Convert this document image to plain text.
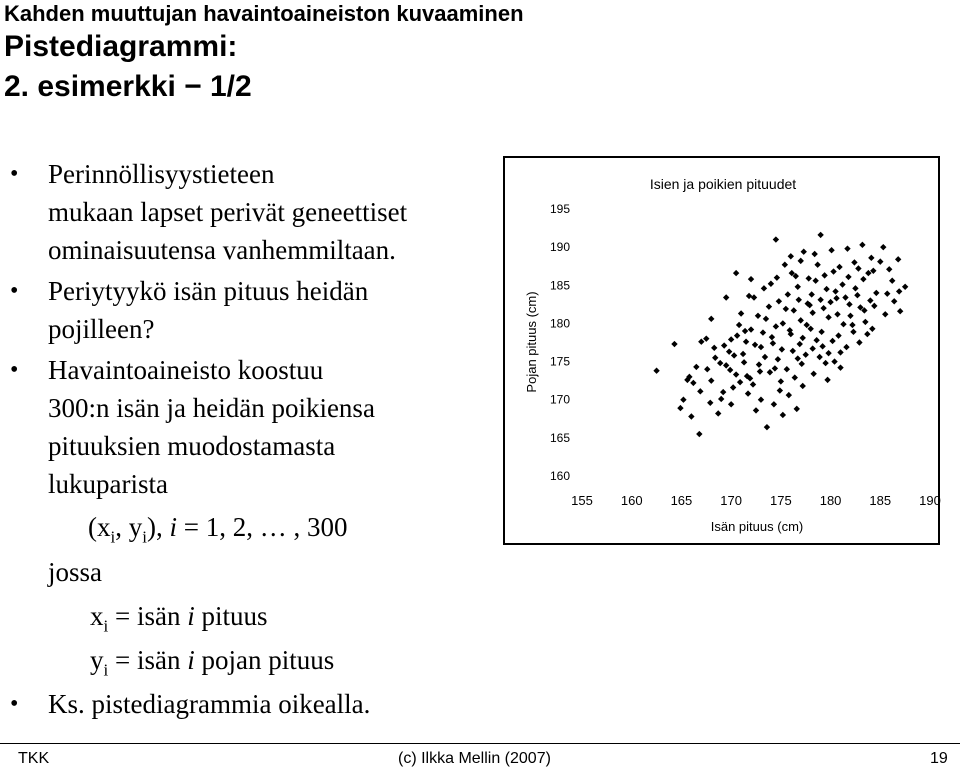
Kahden muuttujan havaintoaineiston kuvaaminen
Pistediagrammi:
2. esimerkki − 1/2
• Perinnöllisyystieteen
mukaan lapset perivät geneettiset
ominaisuutensa vanhemmiltaan.
• Periytyykö isän pituus heidän
pojilleen?
• Havaintoaineisto koostuu
300:n isän ja heidän poikiensa
pituuksien muodostamasta
lukuparista
($x_i$, $y_i$), i = 1, 2, … , 300
jossa
$x_i$ = isän i pituus
$y_i$ = isän i pojan pituus
• Ks. pistediagrammia oikealla.
Isien ja poikien pituudet
160
165
170
175
180
185
190
195
155 160 165 170 175 180 185 190
Isän pituus (cm)
Pojan pituus (cm)
TKK	(c) Ilkka Mellin (2007)	19
